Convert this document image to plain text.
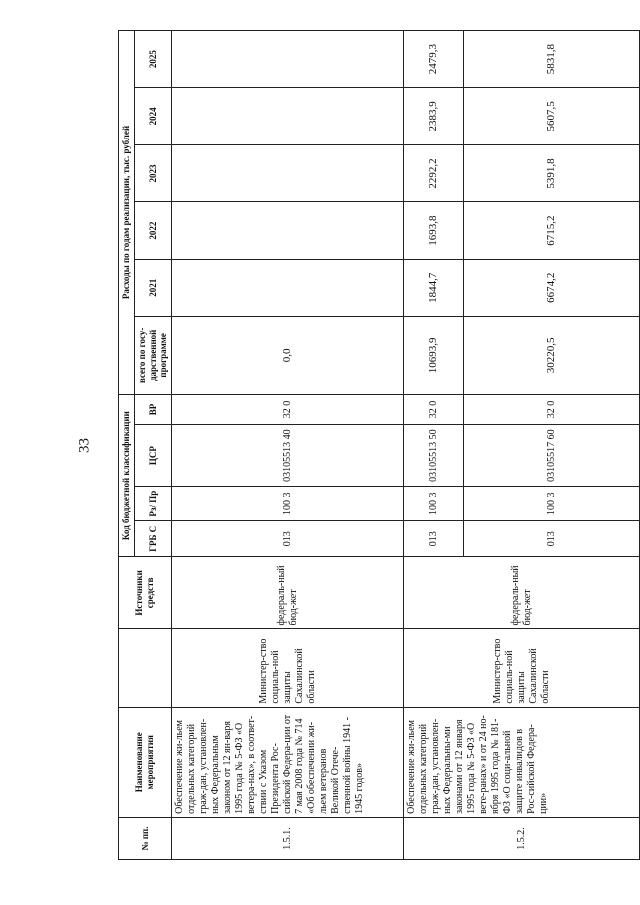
33
№ пп.	Наименование мероприятия		Источники средств	Код бюджетной классификации				Расходы по годам реализации, тыс. рублей					
				ГРБ С	Рз/ Пр	ЦСР	ВР	всего по госу-дарственной программе	2021	2022	2023	2024	2025
1.5.1.	Обеспечение жи-льем отдельных категорий граж-дан, установлен-ных Федеральным законом от 12 ян-варя 1995 года № 5-ФЗ «О ветера-нах», в соответ-ствии с Указом Президента Рос-сийской Федера-ции от 7 мая 2008 года № 714 «Об обеспечении жи-льем ветеранов Великой Отече-ственной войны 1941 - 1945 годов»	Министер-ство социаль-ной защиты Сахалинской области	федераль-ный бюд-жет	013	100 3	03105513 40	32 0	0,0					
1.5.2.	Обеспечение жи-льем отдельных категорий граж-дан, установлен-ных Федеральны-ми законами от 12 января 1995 года № 5-ФЗ «О вете-ранах» и от 24 но-ября 1995 года № 181-ФЗ «О соци-альной защите инвалидов в Рос-сийской Федера-ции»	Министер-ство социаль-ной защиты Сахалинской области	федераль-ный бюд-жет	013	100 3	03105513 50	32 0	10693,9	1844,7	1693,8	2292,2	2383,9	2479,3
				013	100 3	03105517 60	32 0	30220,5	6674,2	6715,2	5391,8	5607,5	5831,8
